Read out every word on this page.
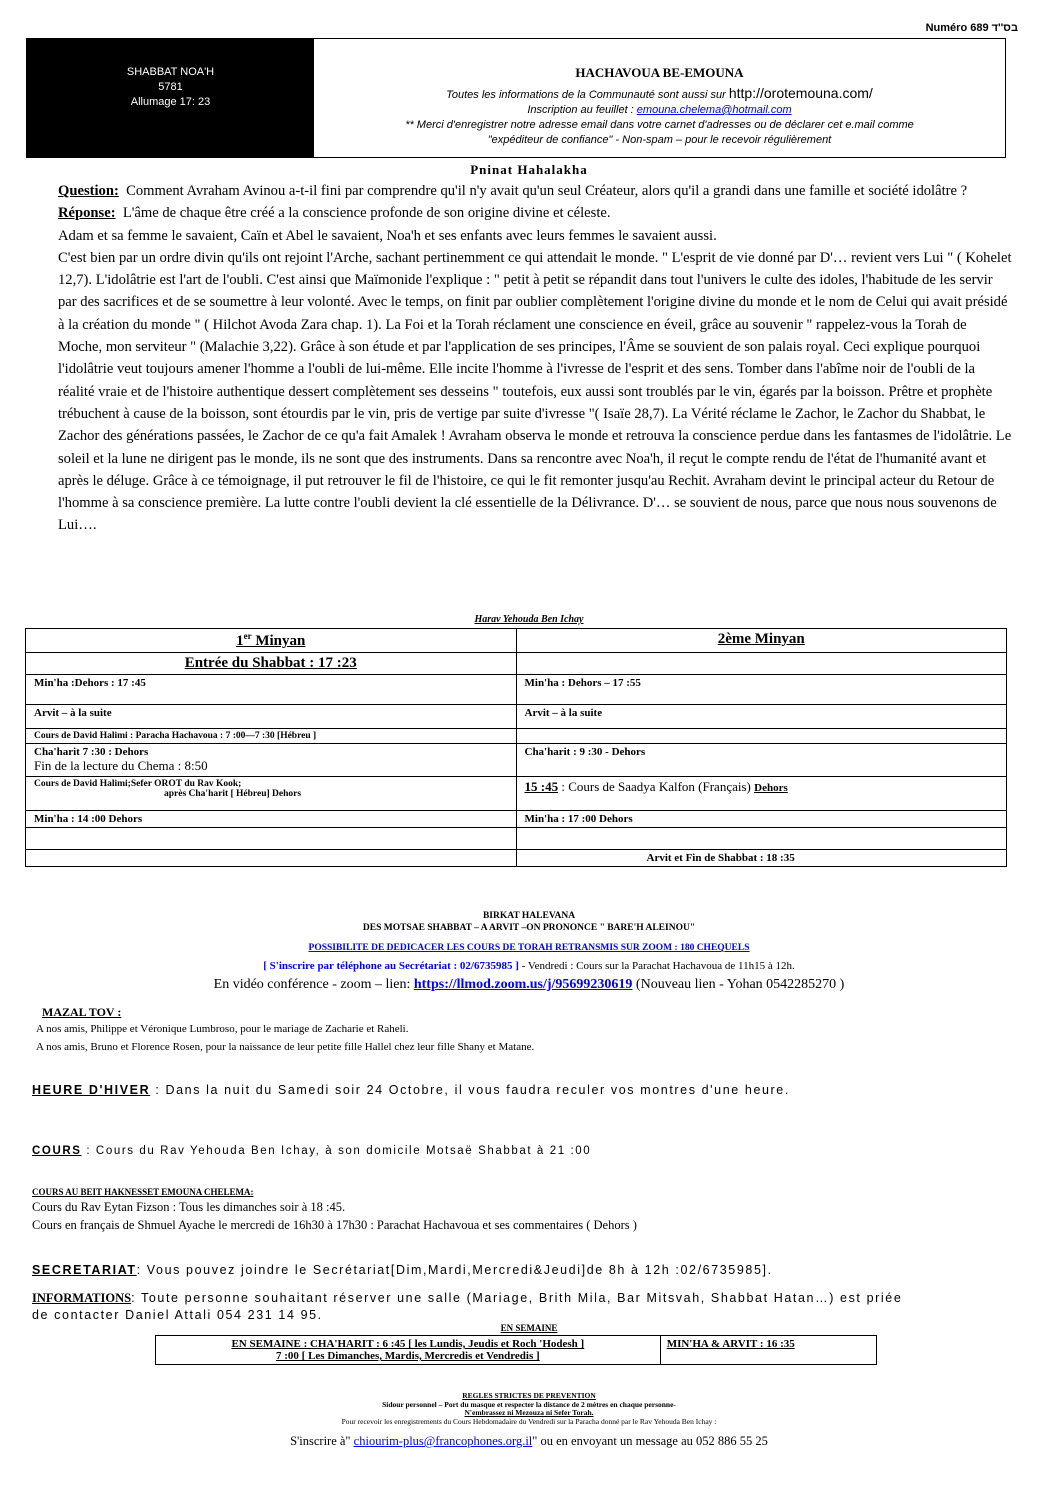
Numéro 689 בס''ד
SHABBAT NOA'H
5781
Allumage 17: 23
HACHAVOUA BE-EMOUNA
Toutes les informations de la Communauté sont aussi sur http://orotemouna.com/
Inscription au feuillet : emouna.chelema@hotmail.com
** Merci d'enregistrer notre adresse email dans votre carnet d'adresses ou de déclarer cet e.mail comme
"expéditeur de confiance" - Non-spam – pour le recevoir régulièrement
Pninat Hahalakha

Question: Comment Avraham Avinou a-t-il fini par comprendre qu'il n'y avait qu'un seul Créateur, alors qu'il a grandi dans une famille et société idolâtre ?

Réponse: L'âme de chaque être créé a la conscience profonde de son origine divine et céleste.

Adam et sa femme le savaient, Caïn et Abel le savaient, Noa'h et ses enfants avec leurs femmes le savaient aussi.

C'est bien par un ordre divin qu'ils ont rejoint l'Arche, sachant pertinemment ce qui attendait le monde. " L'esprit de vie donné par D'… revient vers Lui " ( Kohelet 12,7). L'idolâtrie est l'art de l'oubli. C'est ainsi que Maïmonide l'explique : " petit à petit se répandit dans tout l'univers le culte des idoles, l'habitude de les servir par des sacrifices et de se soumettre à leur volonté. Avec le temps, on finit par oublier complètement l'origine divine du monde et le nom de Celui qui avait présidé à la création du monde " ( Hilchot Avoda Zara chap. 1). La Foi et la Torah réclament une conscience en éveil, grâce au souvenir " rappelez-vous la Torah de Moche, mon serviteur " (Malachie 3,22). Grâce à son étude et par l'application de ses principes, l'Âme se souvient de son palais royal. Ceci explique pourquoi l'idolâtrie veut toujours amener l'homme a l'oubli de lui-même. Elle incite l'homme à l'ivresse de l'esprit et des sens. Tomber dans l'abîme noir de l'oubli de la réalité vraie et de l'histoire authentique dessert complètement ses desseins " toutefois, eux aussi sont troublés par le vin, égarés par la boisson. Prêtre et prophète trébuchent à cause de la boisson, sont étourdis par le vin, pris de vertige par suite d'ivresse "( Isaïe 28,7). La Vérité réclame le Zachor, le Zachor du Shabbat, le Zachor des générations passées, le Zachor de ce qu'a fait Amalek ! Avraham observa le monde et retrouva la conscience perdue dans les fantasmes de l'idolâtrie. Le soleil et la lune ne dirigent pas le monde, ils ne sont que des instruments. Dans sa rencontre avec Noa'h, il reçut le compte rendu de l'état de l'humanité avant et après le déluge. Grâce à ce témoignage, il put retrouver le fil de l'histoire, ce qui le fit remonter jusqu'au Rechit. Avraham devint le principal acteur du Retour de l'homme à sa conscience première. La lutte contre l'oubli devient la clé essentielle de la Délivrance. D'… se souvient de nous, parce que nous nous souvenons de Lui….

Harav Yehouda Ben Ichay
1er Minyan	2ème Minyan
Entrée du Shabbat : 17 :23	
Min'ha :Dehors : 17 :45	Min'ha : Dehors – 17 :55
Arvit – à la suite	Arvit – à la suite
Cours de David Halimi : Paracha Hachavoua : 7 :00—7 :30 [Hébreu ]	

Cha'harit 7 :30 : Dehors
Fin de la lecture du Chema : 8:50	Cha'harit : 9 :30 - Dehors

Cours de David Halimi;Sefer OROT du Rav Kook;
après Cha'harit [ Hébreu] Dehors	15 :45 : Cours de Saadya Kalfon (Français) Dehors
Min'ha : 14 :00 Dehors	Min'ha : 17 :00 Dehors

	Arvit et Fin de Shabbat : 18 :35
BIRKAT HALEVANA
DES MOTSAE SHABBAT – A ARVIT –ON PRONONCE " BARE'H ALEINOU"
POSSIBILITE DE DEDICACER LES COURS DE TORAH RETRANSMIS SUR ZOOM : 180 CHEQUELS
[ S'inscrire par téléphone au Secrétariat : 02/6735985 ] - Vendredi : Cours sur la Parachat Hachavoua de 11h15 à 12h.
En vidéo conférence - zoom – lien: https://llmod.zoom.us/j/95699230619 (Nouveau lien - Yohan 0542285270 )
MAZAL TOV :
A nos amis, Philippe et Véronique Lumbroso, pour le mariage de Zacharie et Raheli.
A nos amis, Bruno et Florence Rosen, pour la naissance de leur petite fille Hallel chez leur fille Shany et Matane.
HEURE D'HIVER : Dans la nuit du Samedi soir 24 Octobre, il vous faudra reculer vos montres d'une heure.
COURS : Cours du Rav Yehouda Ben Ichay, à son domicile Motsaë Shabbat à 21 :00
COURS AU BEIT HAKNESSET EMOUNA CHELEMA:
Cours du Rav Eytan Fizson : Tous les dimanches soir à 18 :45.
Cours en français de Shmuel Ayache le mercredi de 16h30 à 17h30 : Parachat Hachavoua et ses commentaires ( Dehors )
SECRETARIAT: Vous pouvez joindre le Secrétariat[Dim,Mardi,Mercredi&Jeudi]de 8h à 12h :02/6735985].
INFORMATIONS: Toute personne souhaitant réserver une salle (Mariage, Brith Mila, Bar Mitsvah, Shabbat Hatan…) est priée de contacter Daniel Attali 054 231 14 95.
EN SEMAINE
EN SEMAINE : CHA'HARIT : 6 :45 [ les Lundis, Jeudis et Roch 'Hodesh ]
7 :00 [ Les Dimanches, Mardis, Mercredis et Vendredis ]
	MIN'HA & ARVIT : 16 :35
REGLES STRICTES DE PREVENTION
Sidour personnel – Port du masque et respecter la distance de 2 mètres en chaque personne-
N'embrassez ni Mezouza ni Sefer Torah.
Pour recevoir les enregistrements du Cours Hebdomadaire du Vendredi sur la Paracha donné par le Rav Yehouda Ben Ichay :
S'inscrire à" chiourim-plus@francophones.org.il" ou en envoyant un message au 052 886 55 25
